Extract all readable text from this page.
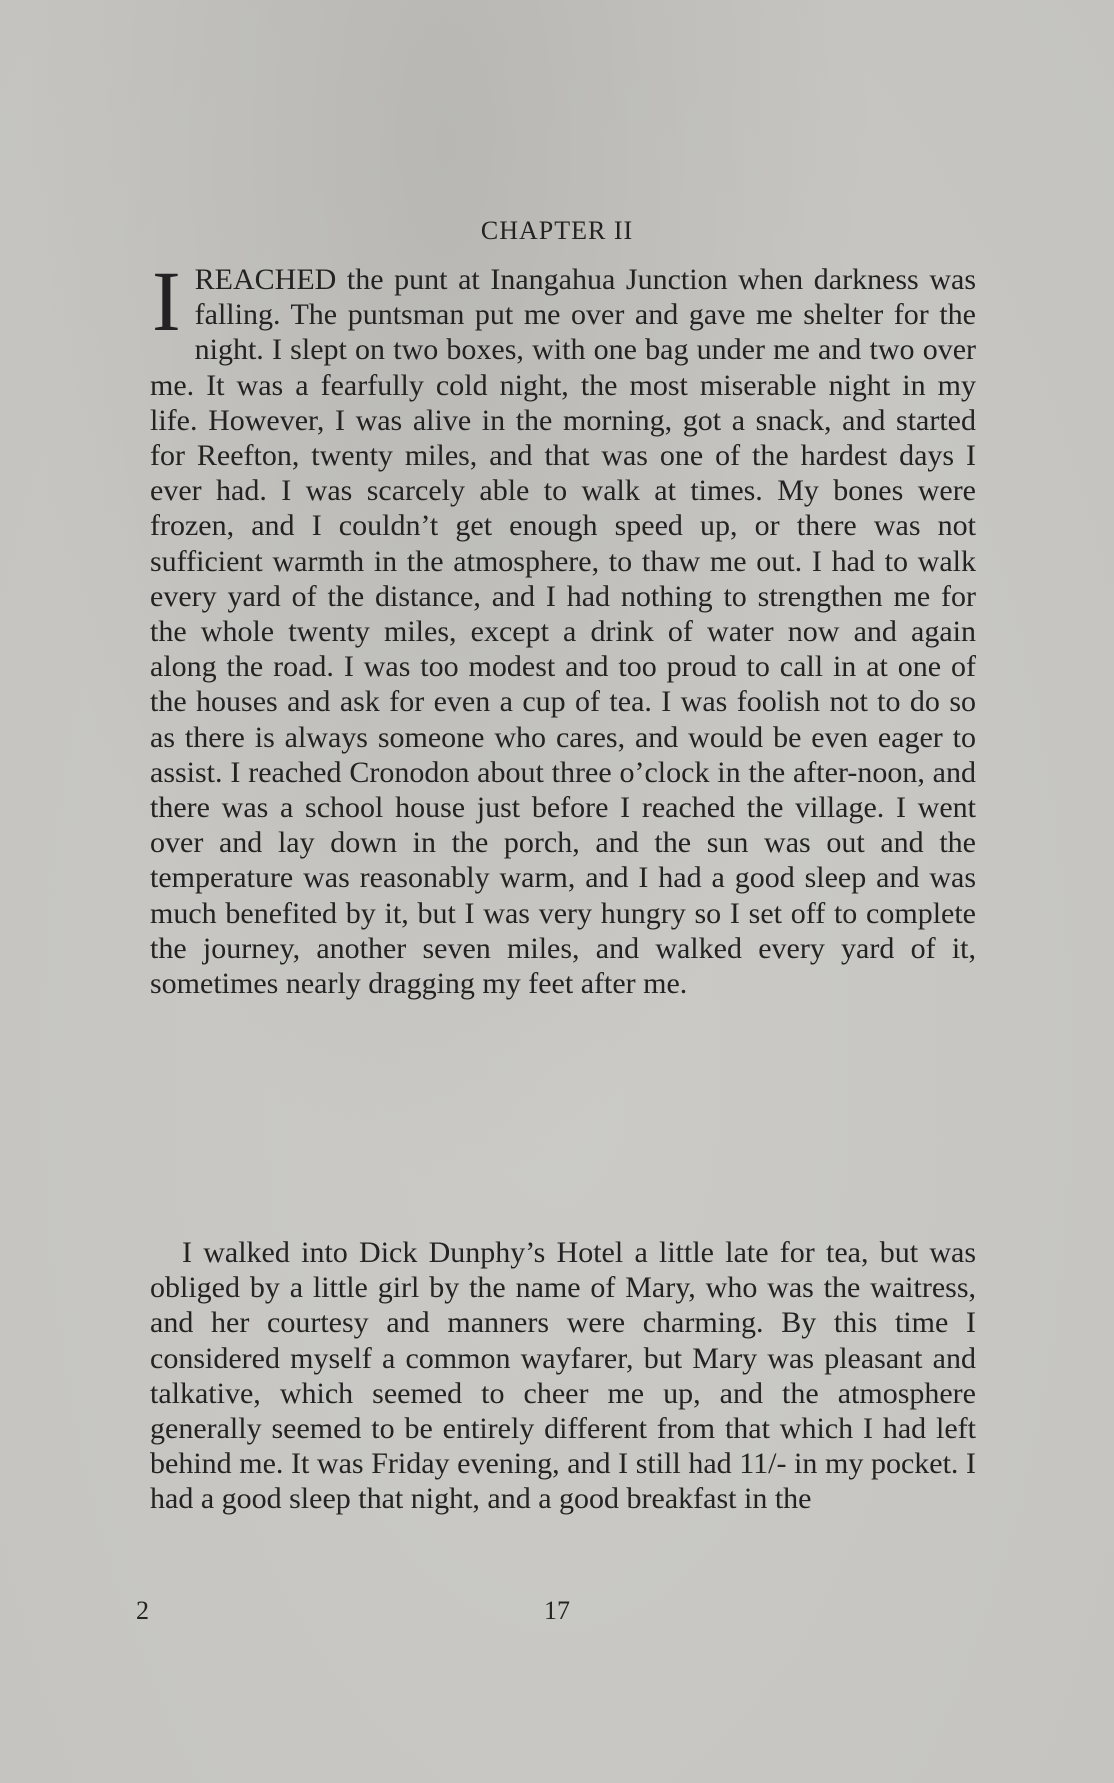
CHAPTER II

IREACHED the punt at Inangahua Junction when darkness was falling. The puntsman put me over and gave me shelter for the night. I slept on two boxes, with one bag under me and two over me. It was a fearfully cold night, the most miserable night in my life. However, I was alive in the morning, got a snack, and started for Reefton, twenty miles, and that was one of the hardest days I ever had. I was scarcely able to walk at times. My bones were frozen, and I couldn’t get enough speed up, or there was not sufficient warmth in the atmosphere, to thaw me out. I had to walk every yard of the distance, and I had nothing to strengthen me for the whole twenty miles, except a drink of water now and again along the road. I was too modest and too proud to call in at one of the houses and ask for even a cup of tea. I was foolish not to do so as there is always someone who cares, and would be even eager to assist. I reached Cronodon about three o’clock in the after-noon, and there was a school house just before I reached the village. I went over and lay down in the porch, and the sun was out and the temperature was reasonably warm, and I had a good sleep and was much benefited by it, but I was very hungry so I set off to complete the journey, another seven miles, and walked every yard of it, sometimes nearly dragging my feet after me.

I walked into Dick Dunphy’s Hotel a little late for tea, but was obliged by a little girl by the name of Mary, who was the waitress, and her courtesy and manners were charming. By this time I considered myself a common wayfarer, but Mary was pleasant and talkative, which seemed to cheer me up, and the atmosphere generally seemed to be entirely different from that which I had left behind me. It was Friday evening, and I still had 11/- in my pocket. I had a good sleep that night, and a good breakfast in the

17
2
